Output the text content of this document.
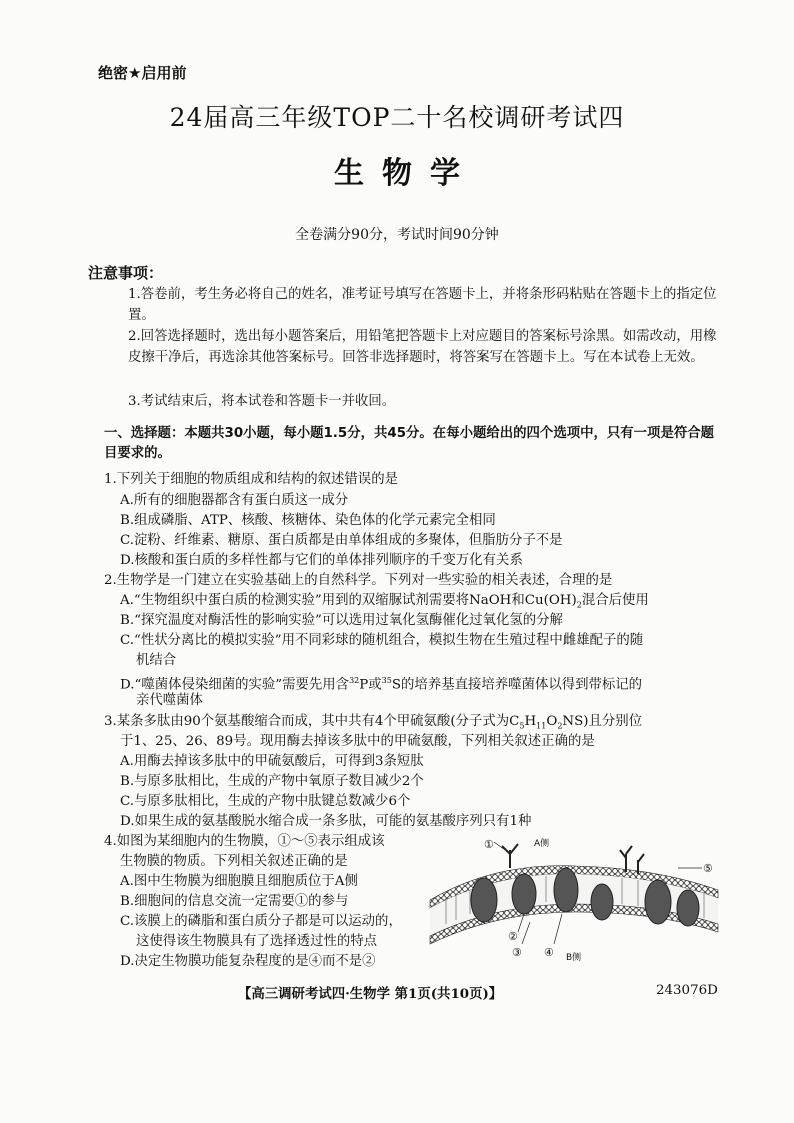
绝密★启用前
24届高三年级TOP二十名校调研考试四
生物学
全卷满分90分，考试时间90分钟
注意事项：
1.答卷前，考生务必将自己的姓名，准考证号填写在答题卡上，并将条形码粘贴在答题卡上的指定位置。
2.回答选择题时，选出每小题答案后，用铅笔把答题卡上对应题目的答案标号涂黑。如需改动，用橡皮擦干净后，再选涂其他答案标号。回答非选择题时，将答案写在答题卡上。写在本试卷上无效。
3.考试结束后，将本试卷和答题卡一并收回。
一、选择题：本题共30小题，每小题1.5分，共45分。在每小题给出的四个选项中，只有一项是符合题目要求的。
1.下列关于细胞的物质组成和结构的叙述错误的是
A.所有的细胞器都含有蛋白质这一成分
B.组成磷脂、ATP、核酸、核糖体、染色体的化学元素完全相同
C.淀粉、纤维素、糖原、蛋白质都是由单体组成的多聚体，但脂肪分子不是
D.核酸和蛋白质的多样性都与它们的单体排列顺序的千变万化有关系
2.生物学是一门建立在实验基础上的自然科学。下列对一些实验的相关表述，合理的是
A.“生物组织中蛋白质的检测实验”用到的双缩脲试剂需要将NaOH和$Cu(OH)_2$混合后使用
B.“探究温度对酶活性的影响实验”可以选用过氧化氢酶催化过氧化氢的分解
C.“性状分离比的模拟实验”用不同彩球的随机组合，模拟生物在生殖过程中雌雄配子的随
机结合
D.“噬菌体侵染细菌的实验”需要先用含$^{32}$P或$^{35}$S的培养基直接培养噬菌体以得到带标记的
亲代噬菌体
3.某条多肽由90个氨基酸缩合而成，其中共有4个甲硫氨酸(分子式为$C_5H_{11}O_2NS$)且分别位
于1、25、26、89号。现用酶去掉该多肽中的甲硫氨酸，下列相关叙述正确的是
A.用酶去掉该多肽中的甲硫氨酸后，可得到3条短肽
B.与原多肽相比，生成的产物中氧原子数目减少2个
C.与原多肽相比，生成的产物中肽键总数减少6个
D.如果生成的氨基酸脱水缩合成一条多肽，可能的氨基酸序列只有1种
4.如图为某细胞内的生物膜，①～⑤表示组成该
生物膜的物质。下列相关叙述正确的是
A.图中生物膜为细胞膜且细胞质位于A侧
B.细胞间的信息交流一定需要①的参与
C.该膜上的磷脂和蛋白质分子都是可以运动的，
这使得该生物膜具有了选择透过性的特点
D.决定生物膜功能复杂程度的是④而不是②
①	A侧
⑤
②
③ ④ B侧
【高三调研考试四·生物学 第1页(共10页)】	243076D
